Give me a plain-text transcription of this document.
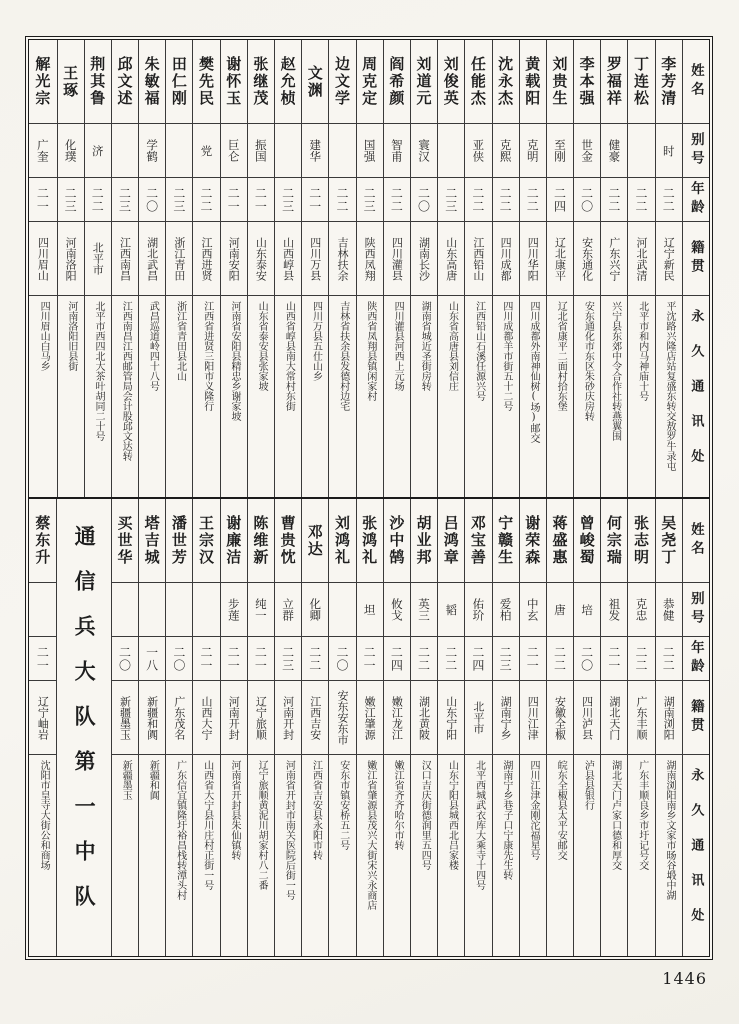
姓名
别号
年龄
籍贯
永久通讯处
李芳清
时
二二
辽宁新民
平沈路兴隆店站复盛东转交敖罗牛录屯
丁连松
二二
河北武清
北平市和内马神庙十号
罗福祥
健豪
二二
广东兴宁
兴宁县东郊中令合作社转燕翼围
李本强
世金
二〇
安东通化
安东通化市东区朱砂庆房转
刘贵生
至刚
二四
辽北康平
辽北省康平二面村拾东堡
黄载阳
克明
二二
四川华阳
四川成都外南神仙树(场)邮交
沈永杰
克熙
二二
四川成都
四川成都羊市街五十二号
任能杰
亚侠
二二
江西铅山
江西铅山石溪任源兴号
刘俊英
二三
山东高唐
山东省高唐县刘信庄
刘道元
寰汉
二〇
湖南长沙
湖南省城近圣街房转
阎希颜
智甫
二二
四川灌县
四川灌县河西上元场
周克定
国强
二三
陕西凤翔
陕西省凤翔县镇闲家村
边文学
二二
吉林扶余
吉林省扶余县发德村边宅
文渊
建华
二一
四川万县
四川万县五仕山乡
赵允桢
二三
山西崞县
山西省崞县南大常村东街
张继茂
振国
二一
山东泰安
山东省泰安县张家坡
谢怀玉
巨仑
二一
河南安阳
河南省安阳县精忠乡谢家坡
樊先民
党
二二
江西进贤
江西省进贤三阳市义隆行
田仁刚
二三
浙江青田
浙江省青田县北山
朱敏福
学鹤
二〇
湖北武昌
武昌巡道岭四十八号
邱文述
二三
江西南昌
江西南昌江西邮管局会计股邱文达转
荆其鲁
济
二二
北平市
北平市西四北大茶叶胡同二十号
王琢
化璞
二三
河南洛阳
河南洛阳旧县街
解光宗
广奎
二一
四川眉山
四川眉山白马乡
姓名
别号
年龄
籍贯
永久通讯处
吴尧丁
恭健
二二
湖南浏阳
湖南浏阳南乡文家市旸谷塅中湖
张志明
克忠
二二
广东丰顺
广东丰顺良乡市圩记号交
何宗瑞
祖发
二一
湖北天门
湖北天门卢家口德和厚交
曾峻蜀
培
二〇
四川泸县
泸县县银行
蒋盛惠
唐
二二
安徽全椒
皖东全椒县太平安邮交
谢荣森
中玄
二一
四川江津
四川江津金刚沱福星号
宁赣生
爱柏
二三
湖南宁乡
湖南宁乡巷子口宁康先生转
邓宝善
佑玠
二四
北平市
北平西城武衣库大乘寺十四号
吕鸿章
韬
二二
山东宁阳
山东宁阳县城西北吕家楼
胡业邦
英三
二二
湖北黄陂
汉口吉庆街德润里五四号
沙中鹄
攸戈
二四
嫩江龙江
嫩江省齐齐哈尔市转
张鸿礼
坦
二一
嫩江肇源
嫩江省肇源县茂兴大街宋兴永商店
刘鸿礼
二〇
安东安东市
安东市镇安桥五二号
邓达
化卿
二二
江西吉安
江西省吉安县永阳市转
曹贵忱
立群
二三
河南开封
河南省开封市南关医院后街一号
陈维新
纯一
二一
辽宁旅顺
辽宁旅顺黄泥川胡家村八二番
谢廉洁
步莲
二一
河南开封
河南省开封县朱仙镇转
王宗汉
二一
山西大宁
山西省大宁县川庄村正街一号
潘世芳
二〇
广东茂名
广东信宜镇隆圩裕昌栈转潭头村
塔吉城
一八
新疆和阗
新疆和阗
买世华
二〇
新疆墨玉
新疆墨玉
通信兵大队第一中队
蔡东升
二一
辽宁岫岩
沈阳市皇寺大街公和商场
1446
